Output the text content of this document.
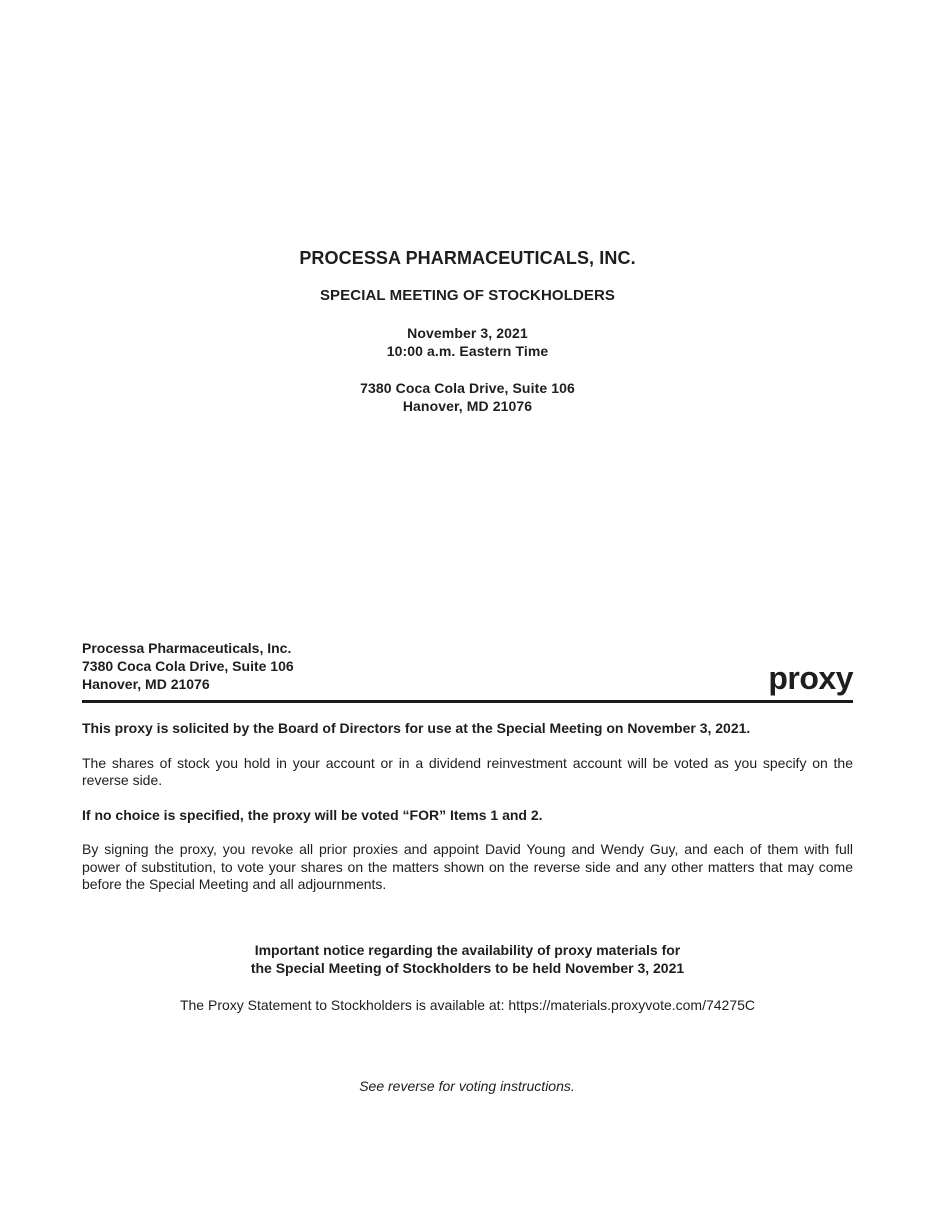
PROCESSA PHARMACEUTICALS, INC.
SPECIAL MEETING OF STOCKHOLDERS
November 3, 2021
10:00 a.m. Eastern Time
7380 Coca Cola Drive, Suite 106
Hanover, MD 21076
Processa Pharmaceuticals, Inc.
7380 Coca Cola Drive, Suite 106
Hanover, MD 21076	proxy

This proxy is solicited by the Board of Directors for use at the Special Meeting on November 3, 2021.

The shares of stock you hold in your account or in a dividend reinvestment account will be voted as you specify on the reverse side.

If no choice is specified, the proxy will be voted “FOR” Items 1 and 2.

By signing the proxy, you revoke all prior proxies and appoint David Young and Wendy Guy, and each of them with full power of substitution, to vote your shares on the matters shown on the reverse side and any other matters that may come before the Special Meeting and all adjournments.

Important notice regarding the availability of proxy materials for
the Special Meeting of Stockholders to be held November 3, 2021
The Proxy Statement to Stockholders is available at: https://materials.proxyvote.com/74275C
See reverse for voting instructions.
